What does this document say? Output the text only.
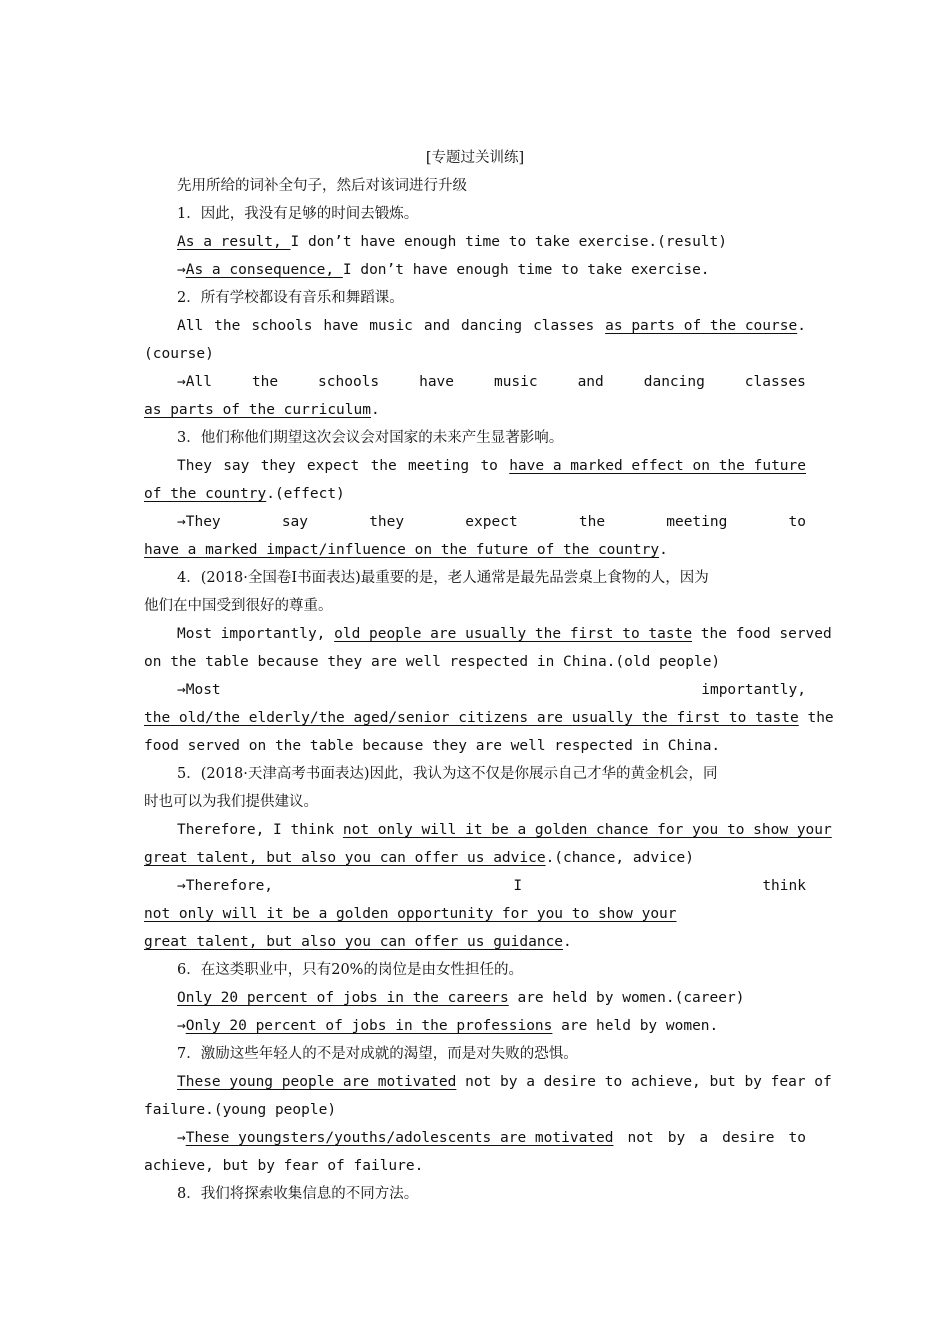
[专题过关训练]
先用所给的词补全句子，然后对该词进行升级
1．因此，我没有足够的时间去锻炼。
As a result, I don’t have enough time to take exercise.(result)
→As a consequence, I don’t have enough time to take exercise.
2．所有学校都设有音乐和舞蹈课。
All the schools have music and dancing classes as parts of the course.
(course)
→All	the	schools	have	music	and	dancing	classes
as parts of the curriculum.
3．他们称他们期望这次会议会对国家的未来产生显著影响。
They say they expect the meeting to have a marked effect on the future
of the country.(effect)
→They	say	they	expect	the	meeting	to
have a marked impact/influence on the future of the country.
4．(2018·全国卷Ⅰ书面表达)最重要的是，老人通常是最先品尝桌上食物的人，因为
他们在中国受到很好的尊重。
Most importantly, old people are usually the first to taste the food served
on the table because they are well respected in China.(old people)
→Most	importantly,
the old/the elderly/the aged/senior citizens are usually the first to taste the
food served on the table because they are well respected in China.
5．(2018·天津高考书面表达)因此，我认为这不仅是你展示自己才华的黄金机会，同
时也可以为我们提供建议。
Therefore, I think not only will it be a golden chance for you to show your
great talent, but also you can offer us advice.(chance, advice)
→Therefore,	I	think
not only will it be a golden opportunity for you to show your
great talent, but also you can offer us guidance.
6．在这类职业中，只有20%的岗位是由女性担任的。
Only 20 percent of jobs in the careers are held by women.(career)
→Only 20 percent of jobs in the professions are held by women.
7．激励这些年轻人的不是对成就的渴望，而是对失败的恐惧。
These young people are motivated not by a desire to achieve, but by fear of
failure.(young people)
→These youngsters/youths/adolescents are motivated not by a desire to
achieve, but by fear of failure.
8．我们将探索收集信息的不同方法。
